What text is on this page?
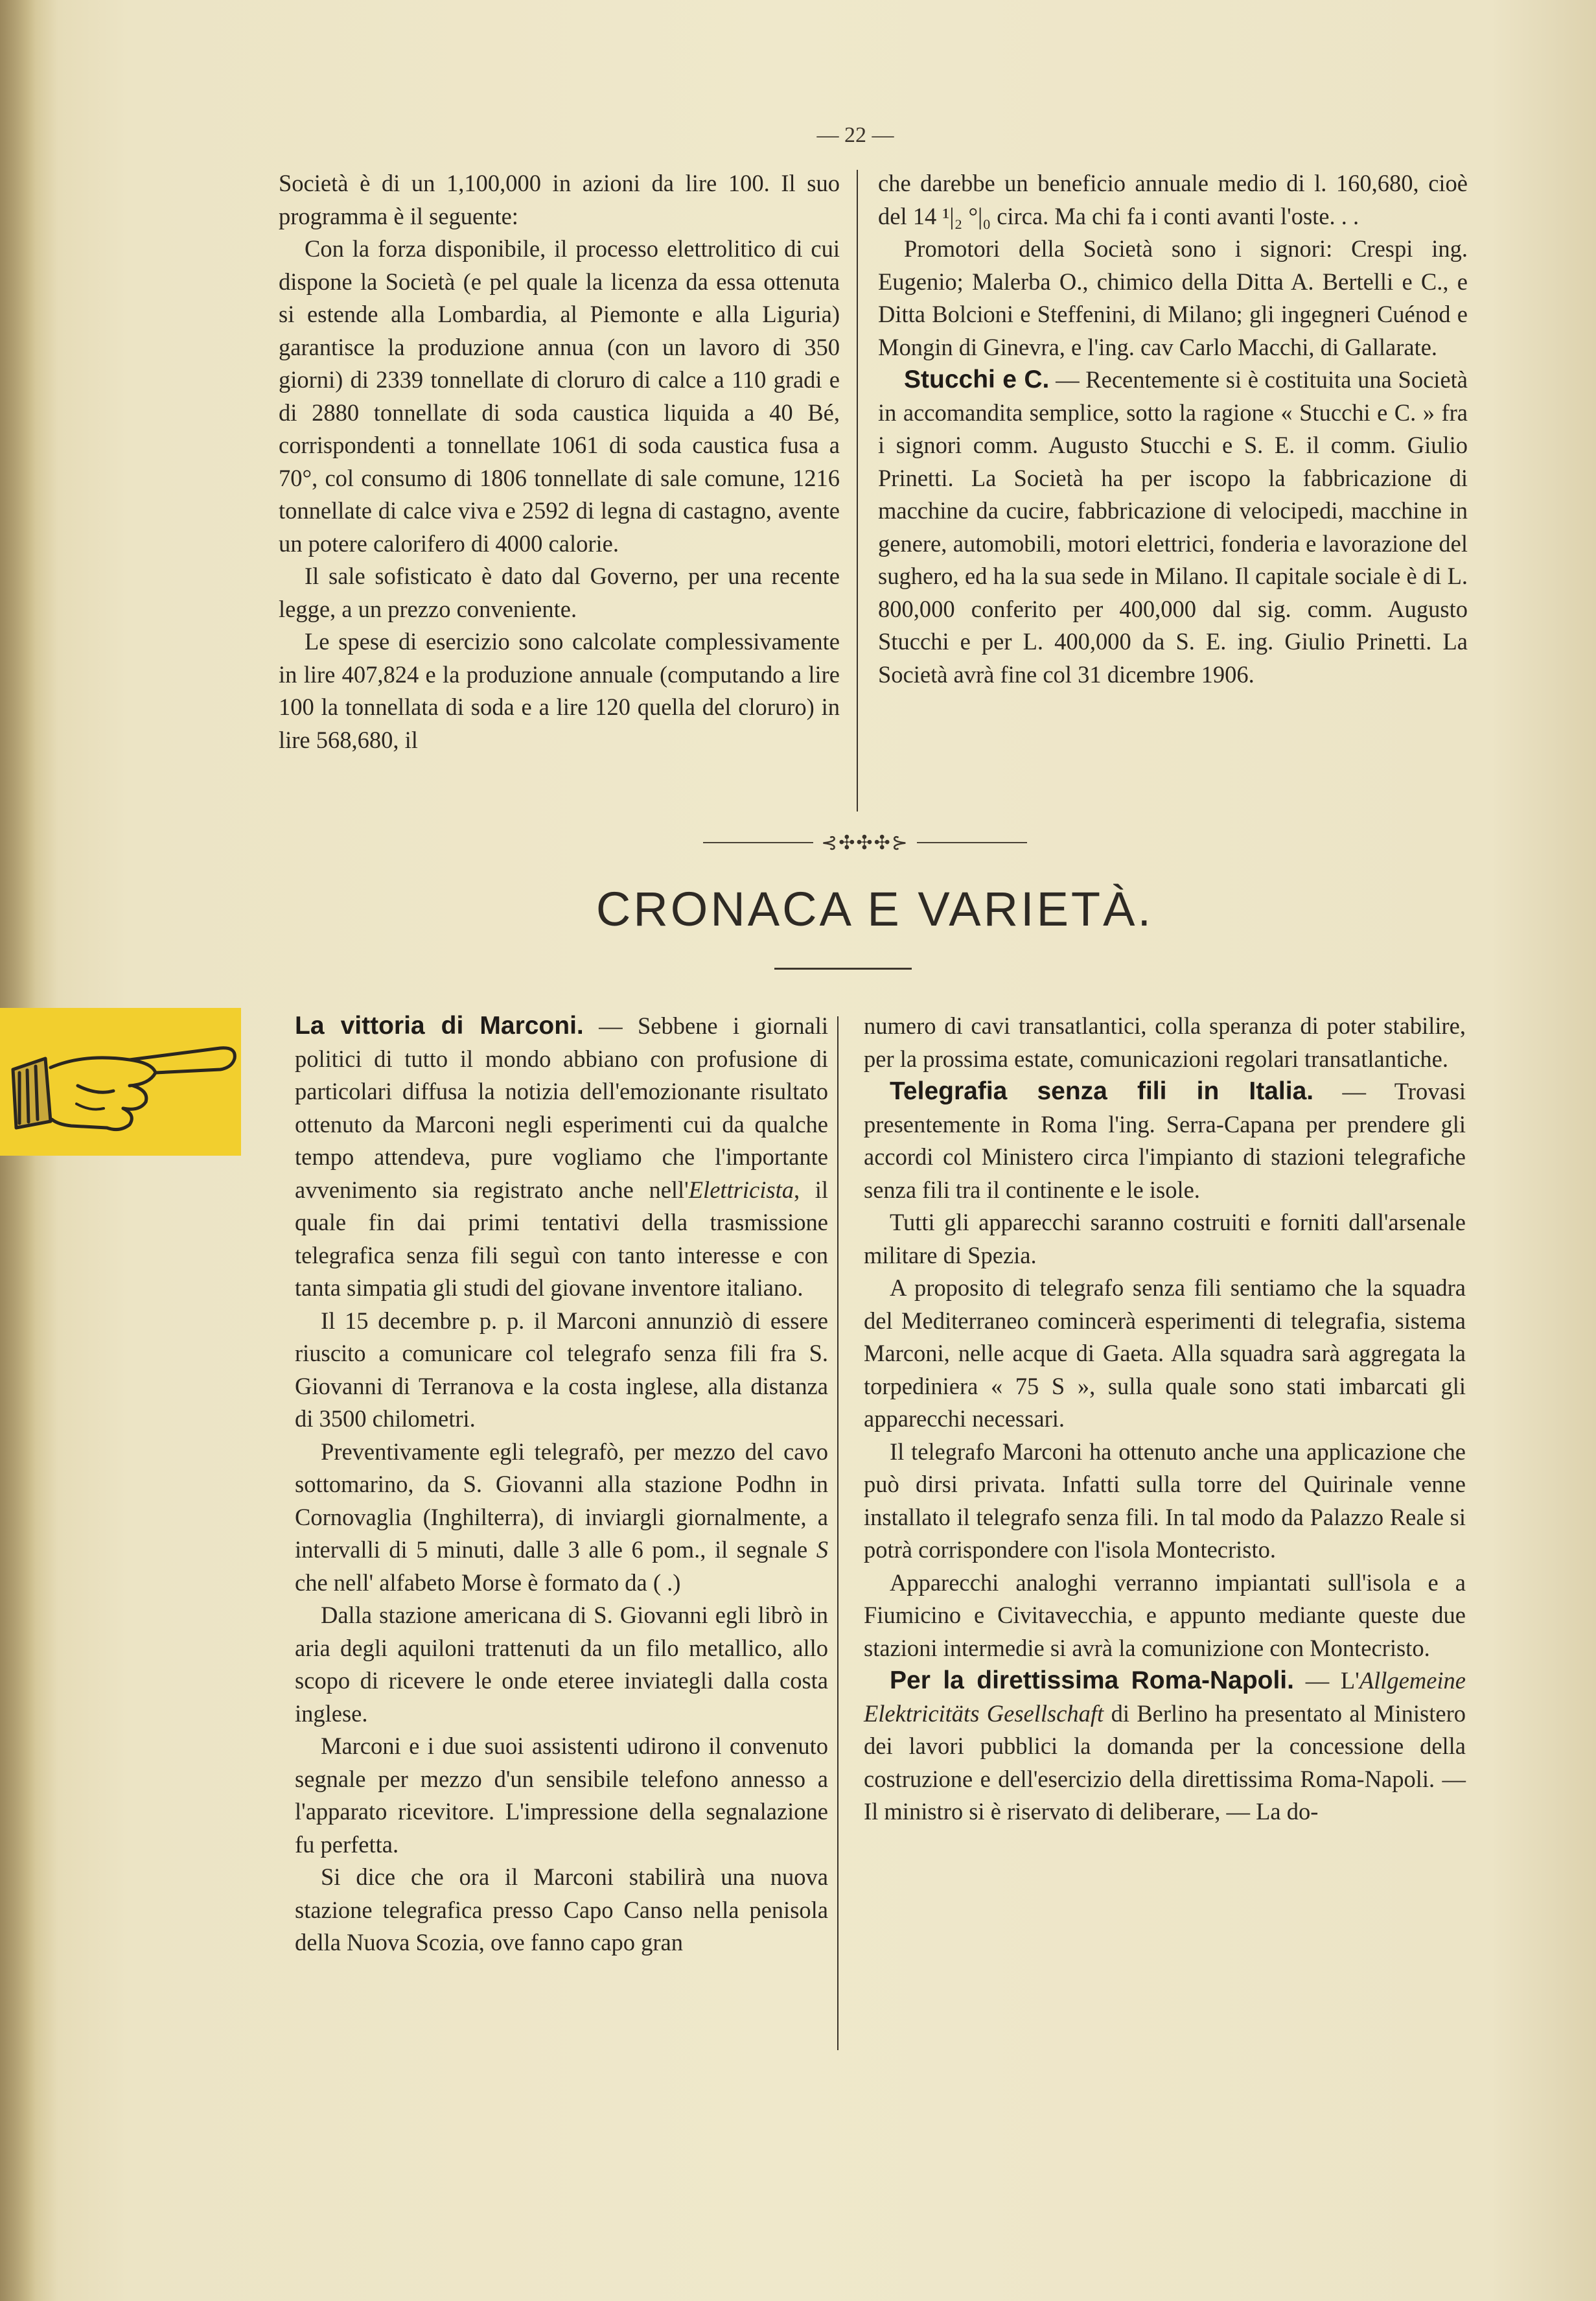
— 22 —

Società è di un 1,100,000 in azioni da lire 100. Il suo programma è il seguente:

Con la forza disponibile, il processo elettrolitico di cui dispone la Società (e pel quale la licenza da essa ottenuta si estende alla Lombardia, al Piemonte e alla Liguria) garantisce la produzione annua (con un lavoro di 350 giorni) di 2339 tonnellate di cloruro di calce a 110 gradi e di 2880 tonnellate di soda caustica liquida a 40 Bé, corrispondenti a tonnellate 1061 di soda caustica fusa a 70°, col consumo di 1806 tonnellate di sale comune, 1216 tonnellate di calce viva e 2592 di legna di castagno, avente un potere calorifero di 4000 calorie.

Il sale sofisticato è dato dal Governo, per una recente legge, a un prezzo conveniente.

Le spese di esercizio sono calcolate complessivamente in lire 407,824 e la produzione annuale (computando a lire 100 la tonnellata di soda e a lire 120 quella del cloruro) in lire 568,680, il

che darebbe un beneficio annuale medio di l. 160,680, cioè del 14 ¹|₂ °|₀ circa. Ma chi fa i conti avanti l'oste. . .

Promotori della Società sono i signori: Crespi ing. Eugenio; Malerba O., chimico della Ditta A. Bertelli e C., e Ditta Bolcioni e Steffenini, di Milano; gli ingegneri Cuénod e Mongin di Ginevra, e l'ing. cav Carlo Macchi, di Gallarate.

Stucchi e C. — Recentemente si è costituita una Società in accomandita semplice, sotto la ragione « Stucchi e C. » fra i signori comm. Augusto Stucchi e S. E. il comm. Giulio Prinetti. La Società ha per iscopo la fabbricazione di macchine da cucire, fabbricazione di velocipedi, macchine in genere, automobili, motori elettrici, fonderia e lavorazione del sughero, ed ha la sua sede in Milano. Il capitale sociale è di L. 800,000 conferito per 400,000 dal sig. comm. Augusto Stucchi e per L. 400,000 da S. E. ing. Giulio Prinetti. La Società avrà fine col 31 dicembre 1906.

⊰✣✣✣⊱
CRONACA E VARIETÀ.

La vittoria di Marconi. — Sebbene i giornali politici di tutto il mondo abbiano con profusione di particolari diffusa la notizia dell'emozionante risultato ottenuto da Marconi negli esperimenti cui da qualche tempo attendeva, pure vogliamo che l'importante avvenimento sia registrato anche nell'Elettricista, il quale fin dai primi tentativi della trasmissione telegrafica senza fili seguì con tanto interesse e con tanta simpatia gli studi del giovane inventore italiano.

Il 15 decembre p. p. il Marconi annunziò di essere riuscito a comunicare col telegrafo senza fili fra S. Giovanni di Terranova e la costa inglese, alla distanza di 3500 chilometri.

Preventivamente egli telegrafò, per mezzo del cavo sottomarino, da S. Giovanni alla stazione Podhn in Cornovaglia (Inghilterra), di inviargli giornalmente, a intervalli di 5 minuti, dalle 3 alle 6 pom., il segnale S che nell' alfabeto Morse è formato da ( .)

Dalla stazione americana di S. Giovanni egli librò in aria degli aquiloni trattenuti da un filo metallico, allo scopo di ricevere le onde eteree inviategli dalla costa inglese.

Marconi e i due suoi assistenti udirono il convenuto segnale per mezzo d'un sensibile telefono annesso a l'apparato ricevitore. L'impressione della segnalazione fu perfetta.

Si dice che ora il Marconi stabilirà una nuova stazione telegrafica presso Capo Canso nella penisola della Nuova Scozia, ove fanno capo gran

numero di cavi transatlantici, colla speranza di poter stabilire, per la prossima estate, comunicazioni regolari transatlantiche.

Telegrafia senza fili in Italia. — Trovasi presentemente in Roma l'ing. Serra-Capana per prendere gli accordi col Ministero circa l'impianto di stazioni telegrafiche senza fili tra il continente e le isole.

Tutti gli apparecchi saranno costruiti e forniti dall'arsenale militare di Spezia.

A proposito di telegrafo senza fili sentiamo che la squadra del Mediterraneo comincerà esperimenti di telegrafia, sistema Marconi, nelle acque di Gaeta. Alla squadra sarà aggregata la torpediniera « 75 S », sulla quale sono stati imbarcati gli apparecchi necessari.

Il telegrafo Marconi ha ottenuto anche una applicazione che può dirsi privata. Infatti sulla torre del Quirinale venne installato il telegrafo senza fili. In tal modo da Palazzo Reale si potrà corrispondere con l'isola Montecristo.

Apparecchi analoghi verranno impiantati sull'isola e a Fiumicino e Civitavecchia, e appunto mediante queste due stazioni intermedie si avrà la comunizione con Montecristo.

Per la direttissima Roma-Napoli. — L'Allgemeine Elektricitäts Gesellschaft di Berlino ha presentato al Ministero dei lavori pubblici la domanda per la concessione della costruzione e dell'esercizio della direttissima Roma-Napoli. — Il ministro si è riservato di deliberare, — La do-
